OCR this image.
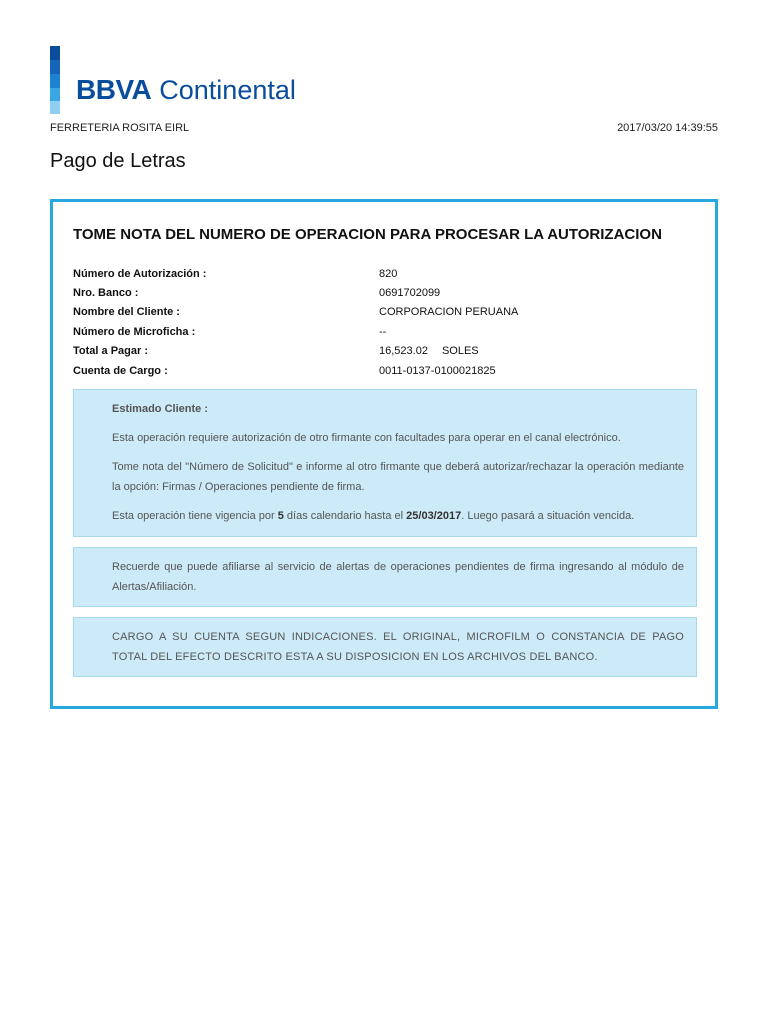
BBVA Continental
FERRETERIA ROSITA EIRL	2017/03/20 14:39:55
Pago de Letras
TOME NOTA DEL NUMERO DE OPERACION PARA PROCESAR LA AUTORIZACION
Número de Autorización :	820
Nro. Banco :	0691702099
Nombre del Cliente :	CORPORACION PERUANA
Número de Microficha :	--
Total a Pagar :	16,523.02 SOLES
Cuenta de Cargo :	0011-0137-0100021825

Estimado Cliente :

Esta operación requiere autorización de otro firmante con facultades para operar en el canal electrónico.

Tome nota del "Número de Solicitud" e informe al otro firmante que deberá autorizar/rechazar la operación mediante la opción: Firmas / Operaciones pendiente de firma.

Esta operación tiene vigencia por 5 días calendario hasta el 25/03/2017. Luego pasará a situación vencida.

Recuerde que puede afiliarse al servicio de alertas de operaciones pendientes de firma ingresando al módulo de Alertas/Afiliación.

CARGO A SU CUENTA SEGUN INDICACIONES. EL ORIGINAL, MICROFILM O CONSTANCIA DE PAGO TOTAL DEL EFECTO DESCRITO ESTA A SU DISPOSICION EN LOS ARCHIVOS DEL BANCO.
